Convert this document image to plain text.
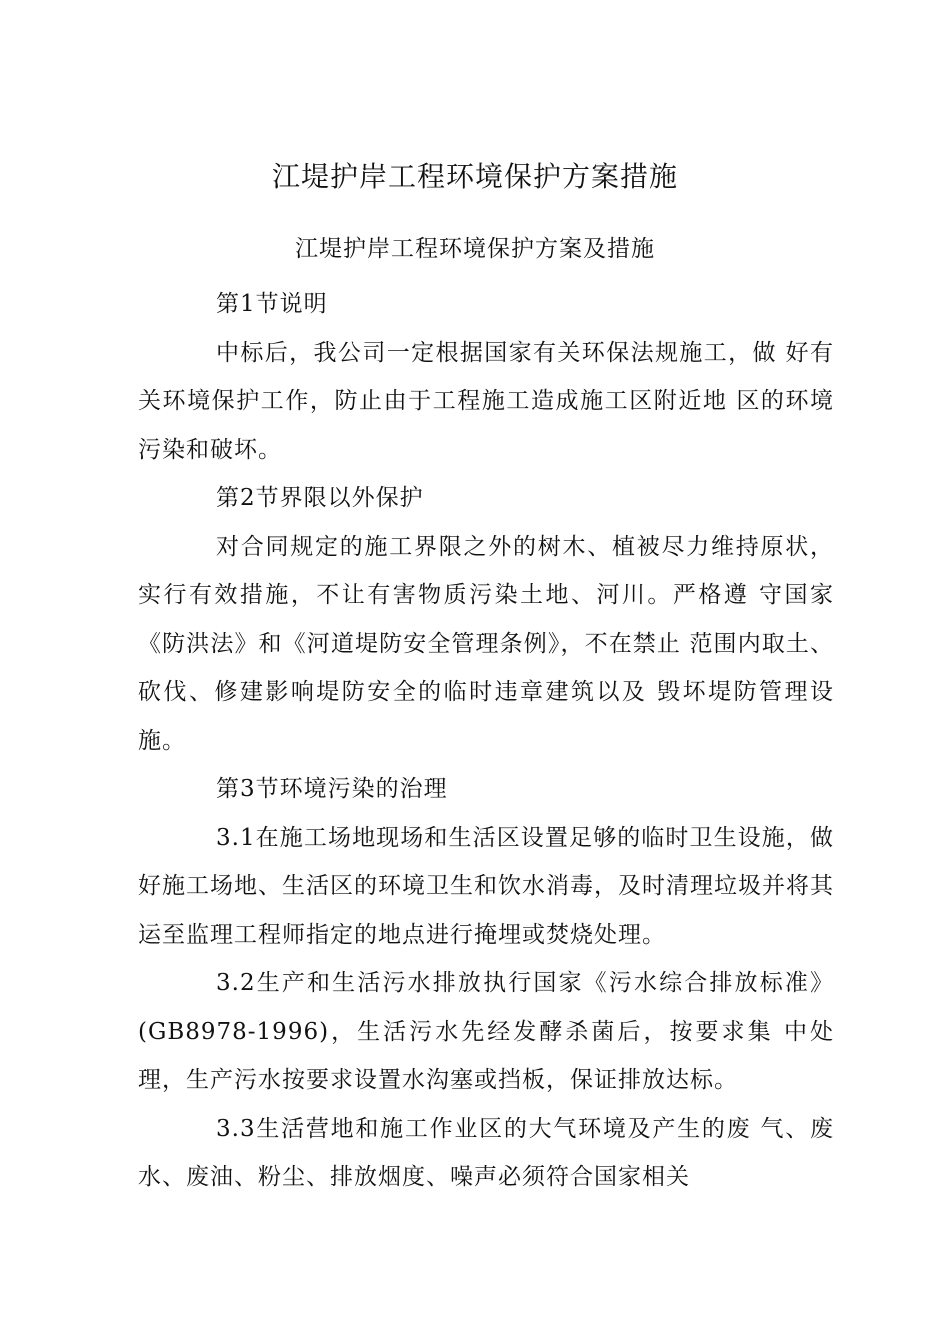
江堤护岸工程环境保护方案措施
江堤护岸工程环境保护方案及措施

第1节说明

中标后，我公司一定根据国家有关环保法规施工，做 好有关环境保护工作，防止由于工程施工造成施工区附近地 区的环境污染和破坏。

第2节界限以外保护

对合同规定的施工界限之外的树木、植被尽力维持原状，实行有效措施，不让有害物质污染土地、河川。严格遵 守国家《防洪法》和《河道堤防安全管理条例》，不在禁止 范围内取土、砍伐、修建影响堤防安全的临时违章建筑以及 毁坏堤防管理设施。

第3节环境污染的治理

3.1在施工场地现场和生活区设置足够的临时卫生设施，做好施工场地、生活区的环境卫生和饮水消毒，及时清理垃圾并将其运至监理工程师指定的地点进行掩埋或焚烧处理。

3.2生产和生活污水排放执行国家《污水综合排放标准》(GB8978-1996)，生活污水先经发酵杀菌后，按要求集 中处理，生产污水按要求设置水沟塞或挡板，保证排放达标。

3.3生活营地和施工作业区的大气环境及产生的废 气、废水、废油、粉尘、排放烟度、噪声必须符合国家相关
